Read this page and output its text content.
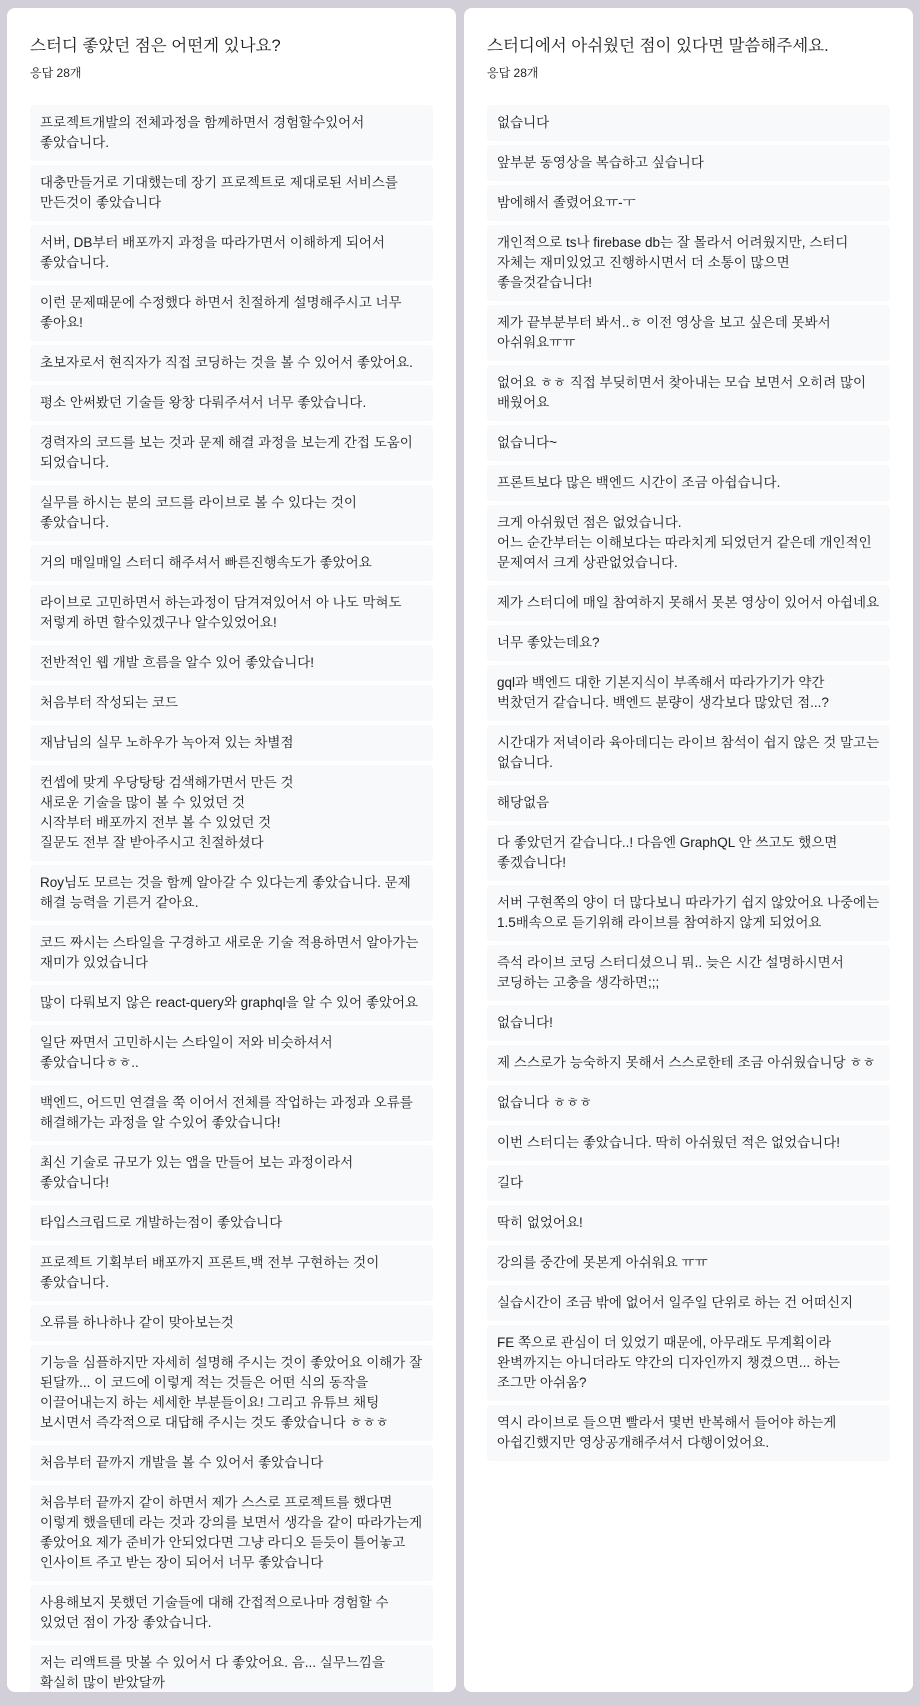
스터디 좋았던 점은 어떤게 있나요?
응답 28개
프로젝트개발의 전체과정을 함께하면서 경험할수있어서 좋았습니다.
대충만들거로 기대했는데 장기 프로젝트로 제대로된 서비스를 만든것이 좋았습니다
서버, DB부터 배포까지 과정을 따라가면서 이해하게 되어서 좋았습니다.
이런 문제때문에 수정했다 하면서 친절하게 설명해주시고 너무 좋아요!
초보자로서 현직자가 직접 코딩하는 것을 볼 수 있어서 좋았어요.
평소 안써봤던 기술들 왕창 다뤄주셔서 너무 좋았습니다.
경력자의 코드를 보는 것과 문제 해결 과정을 보는게 간접 도움이 되었습니다.
실무를 하시는 분의 코드를 라이브로 볼 수 있다는 것이 좋았습니다.
거의 매일매일 스터디 해주셔서 빠른진행속도가 좋았어요
라이브로 고민하면서 하는과정이 담겨져있어서 아 나도 막혀도 저렇게 하면 할수있겠구나 알수있었어요!
전반적인 웹 개발 흐름을 알수 있어 좋았습니다!
처음부터 작성되는 코드
재남님의 실무 노하우가 녹아져 있는 차별점
컨셉에 맞게 우당탕탕 검색해가면서 만든 것
새로운 기술을 많이 볼 수 있었던 것
시작부터 배포까지 전부 볼 수 있었던 것
질문도 전부 잘 받아주시고 친절하셨다
Roy님도 모르는 것을 함께 알아갈 수 있다는게 좋았습니다. 문제 해결 능력을 기른거 같아요.
코드 짜시는 스타일을 구경하고 새로운 기술 적용하면서 알아가는 재미가 있었습니다
많이 다뤄보지 않은 react-query와 graphql을 알 수 있어 좋았어요
일단 짜면서 고민하시는 스타일이 저와 비슷하셔서 좋았습니다ㅎㅎ..
백엔드, 어드민 연결을 쭉 이어서 전체를 작업하는 과정과 오류를 해결해가는 과정을 알 수있어 좋았습니다!
최신 기술로 규모가 있는 앱을 만들어 보는 과정이라서 좋았습니다!
타입스크립드로 개발하는점이 좋았습니다
프로젝트 기획부터 배포까지 프론트,백 전부 구현하는 것이 좋았습니다.
오류를 하나하나 같이 맞아보는것
기능을 심플하지만 자세히 설명해 주시는 것이 좋았어요 이해가 잘 된달까... 이 코드에 이렇게 적는 것들은 어떤 식의 동작을 이끌어내는지 하는 세세한 부분들이요! 그리고 유튜브 채팅 보시면서 즉각적으로 대답해 주시는 것도 좋았습니다 ㅎㅎㅎ
처음부터 끝까지 개발을 볼 수 있어서 좋았습니다
처음부터 끝까지 같이 하면서 제가 스스로 프로젝트를 했다면 이렇게 했을텐데 라는 것과 강의를 보면서 생각을 같이 따라가는게 좋았어요 제가 준비가 안되었다면 그냥 라디오 듣듯이 틀어놓고 인사이트 주고 받는 장이 되어서 너무 좋았습니다
사용해보지 못했던 기술들에 대해 간접적으로나마 경험할 수 있었던 점이 가장 좋았습니다.
저는 리액트를 맛볼 수 있어서 다 좋았어요. 음... 실무느낌을 확실히 많이 받았달까
스터디에서 아쉬웠던 점이 있다면 말씀해주세요.
응답 28개
없습니다
앞부분 동영상을 복습하고 싶습니다
밤에해서 졸렸어요ㅠ-ㅜ
개인적으로 ts나 firebase db는 잘 몰라서 어려웠지만, 스터디 자체는 재미있었고 진행하시면서 더 소통이 많으면 좋을것같습니다!
제가 끝부분부터 봐서..ㅎ 이전 영상을 보고 싶은데 못봐서 아쉬워요ㅠㅠ
없어요 ㅎㅎ 직접 부딪히면서 찾아내는 모습 보면서 오히려 많이 배웠어요
없습니다~
프론트보다 많은 백엔드 시간이 조금 아쉽습니다.
크게 아쉬웠던 점은 없었습니다.
어느 순간부터는 이해보다는 따라치게 되었던거 같은데 개인적인 문제여서 크게 상관없었습니다.
제가 스터디에 매일 참여하지 못해서 못본 영상이 있어서 아쉽네요
너무 좋았는데요?
gql과 백엔드 대한 기본지식이 부족해서 따라가기가 약간 벅찼던거 같습니다. 백엔드 분량이 생각보다 많았던 점...?
시간대가 저녁이라 육아데디는 라이브 참석이 쉽지 않은 것 말고는 없습니다.
해당없음
다 좋았던거 같습니다..! 다음엔 GraphQL 안 쓰고도 했으면 좋겠습니다!
서버 구현쪽의 양이 더 많다보니 따라가기 쉽지 않았어요 나중에는 1.5배속으로 듣기위해 라이브를 참여하지 않게 되었어요
즉석 라이브 코딩 스터디셨으니 뭐.. 늦은 시간 설명하시면서 코딩하는 고충을 생각하면;;;
없습니다!
제 스스로가 능숙하지 못해서 스스로한테 조금 아쉬웠습니당 ㅎㅎ
없습니다 ㅎㅎㅎ
이번 스터디는 좋았습니다. 딱히 아쉬웠던 적은 없었습니다!
길다
딱히 없었어요!
강의를 중간에 못본게 아쉬워요 ㅠㅠ
실습시간이 조금 밖에 없어서 일주일 단위로 하는 건 어떠신지
FE 쪽으로 관심이 더 있었기 때문에, 아무래도 무계획이라 완벽까지는 아니더라도 약간의 디자인까지 챙겼으면... 하는 조그만 아쉬움?
역시 라이브로 들으면 빨라서 몇번 반복해서 들어야 하는게 아쉽긴했지만 영상공개해주셔서 다행이었어요.
